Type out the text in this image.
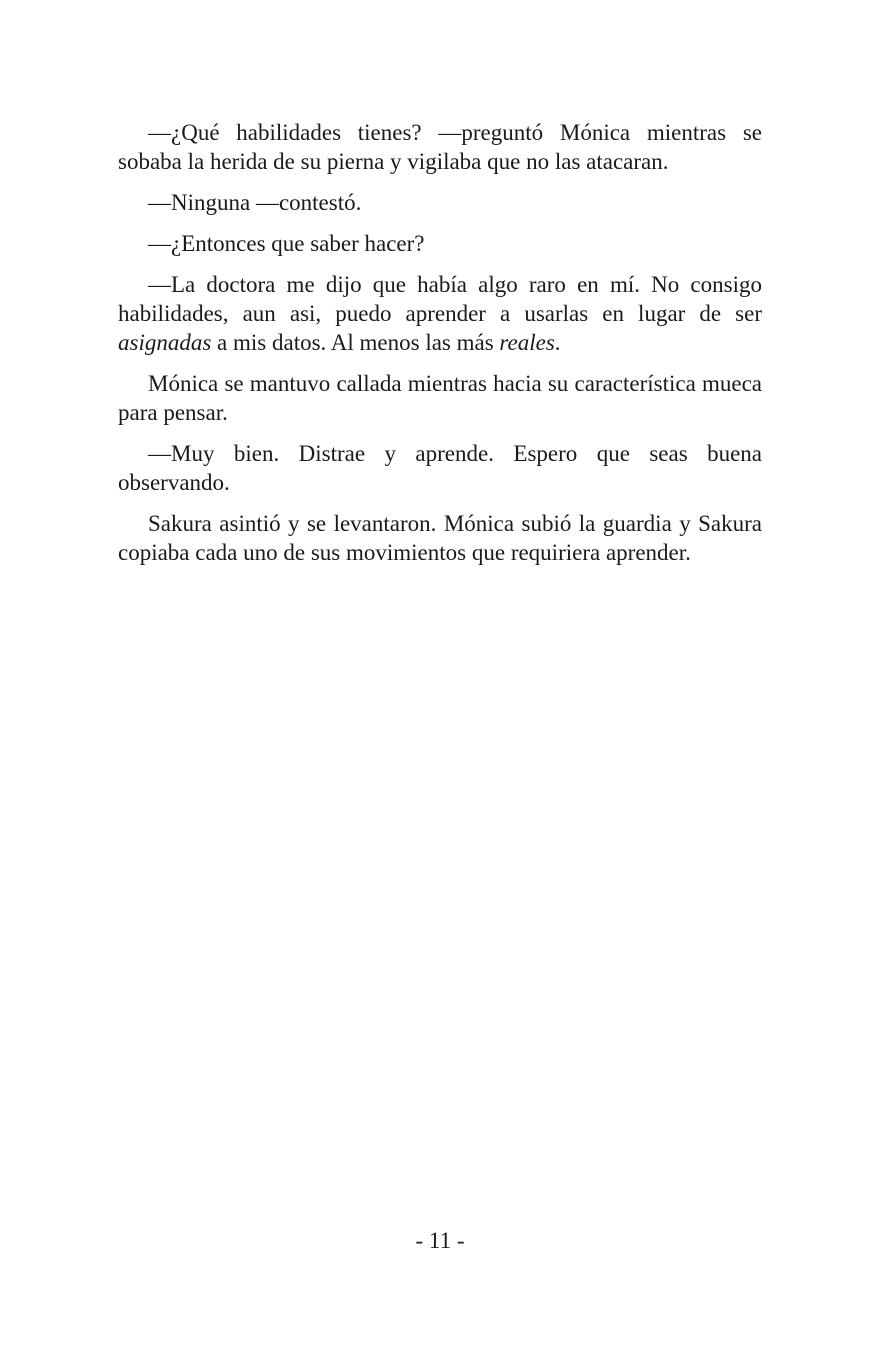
—¿Qué habilidades tienes? —preguntó Mónica mientras se sobaba la herida de su pierna y vigilaba que no las atacaran.

—Ninguna —contestó.

—¿Entonces que saber hacer?

—La doctora me dijo que había algo raro en mí. No consigo habilidades, aun asi, puedo aprender a usarlas en lugar de ser asignadas a mis datos. Al menos las más reales.

Mónica se mantuvo callada mientras hacia su característica mueca para pensar.

—Muy bien. Distrae y aprende. Espero que seas buena observando.

Sakura asintió y se levantaron. Mónica subió la guardia y Sakura copiaba cada uno de sus movimientos que requiriera aprender.

- 11 -
